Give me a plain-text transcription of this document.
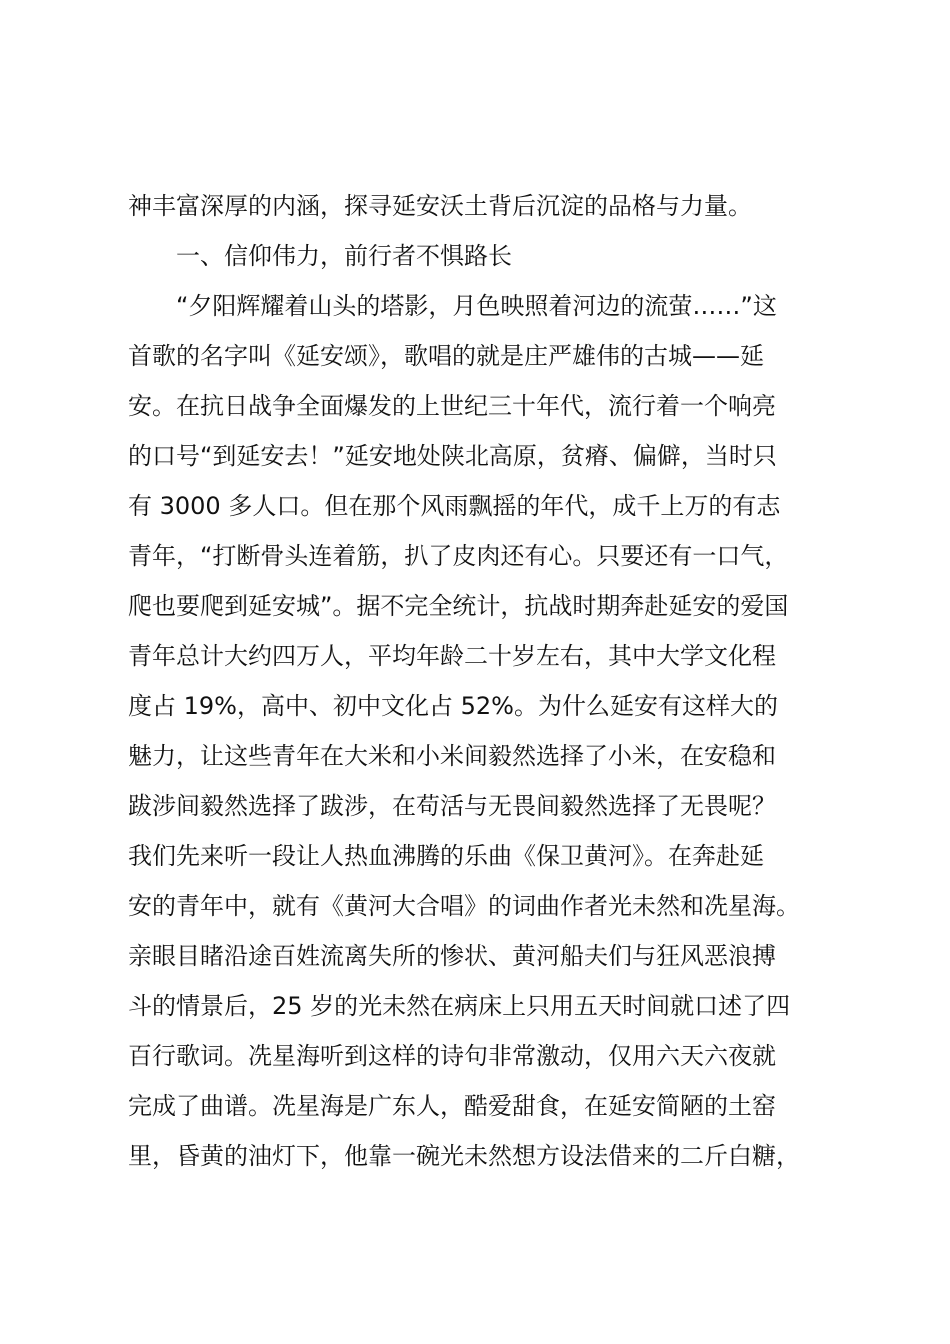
神丰富深厚的内涵，探寻延安沃土背后沉淀的品格与力量。
一、信仰伟力，前行者不惧路长
“夕阳辉耀着山头的塔影，月色映照着河边的流萤……”这
首歌的名字叫《延安颂》，歌唱的就是庄严雄伟的古城——延
安。在抗日战争全面爆发的上世纪三十年代，流行着一个响亮
的口号“到延安去！”延安地处陕北高原，贫瘠、偏僻，当时只
有 3000 多人口。但在那个风雨飘摇的年代，成千上万的有志
青年，“打断骨头连着筋，扒了皮肉还有心。只要还有一口气，
爬也要爬到延安城”。据不完全统计，抗战时期奔赴延安的爱国
青年总计大约四万人，平均年龄二十岁左右，其中大学文化程
度占 19%，高中、初中文化占 52%。为什么延安有这样大的
魅力，让这些青年在大米和小米间毅然选择了小米，在安稳和
跋涉间毅然选择了跋涉，在苟活与无畏间毅然选择了无畏呢？
我们先来听一段让人热血沸腾的乐曲《保卫黄河》。在奔赴延
安的青年中，就有《黄河大合唱》的词曲作者光未然和冼星海。
亲眼目睹沿途百姓流离失所的惨状、黄河船夫们与狂风恶浪搏
斗的情景后，25 岁的光未然在病床上只用五天时间就口述了四
百行歌词。冼星海听到这样的诗句非常激动，仅用六天六夜就
完成了曲谱。冼星海是广东人，酷爱甜食，在延安简陋的土窑
里，昏黄的油灯下，他靠一碗光未然想方设法借来的二斤白糖，
